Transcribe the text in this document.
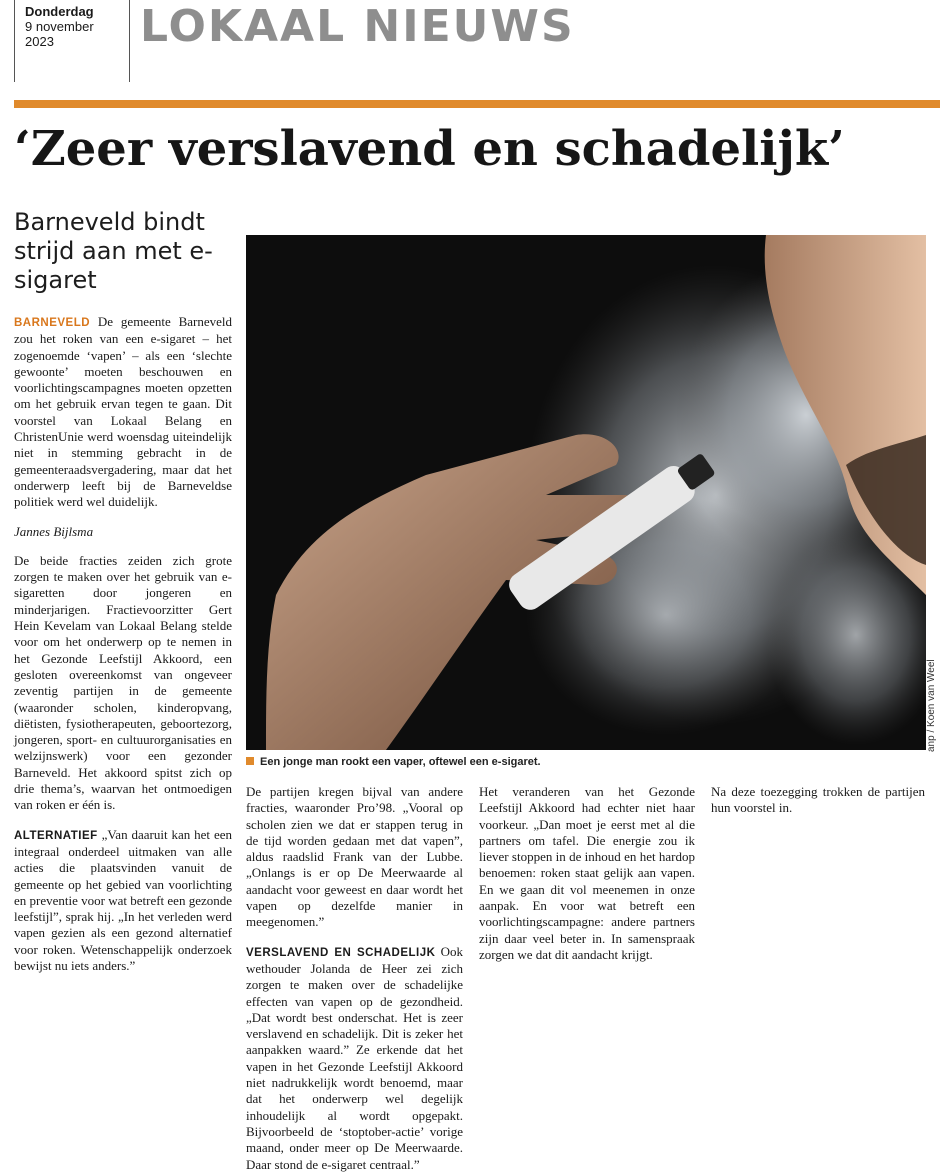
Donderdag
9 november
2023	LOKAAL NIEUWS
‘Zeer verslavend en schadelijk’
Barneveld bindt strijd aan met e-sigaret

BARNEVELD De gemeente Barneveld zou het roken van een e-sigaret – het zogenoemde ‘vapen’ – als een ‘slechte gewoonte’ moeten beschouwen en voorlichtingscampagnes moeten opzetten om het gebruik ervan tegen te gaan. Dit voorstel van Lokaal Belang en ChristenUnie werd woensdag uiteindelijk niet in stemming gebracht in de gemeenteraadsvergadering, maar dat het onderwerp leeft bij de Barneveldse politiek werd wel duidelijk.

Jannes Bijlsma

De beide fracties zeiden zich grote zorgen te maken over het gebruik van e-sigaretten door jongeren en minderjarigen. Fractievoorzitter Gert Hein Kevelam van Lokaal Belang stelde voor om het onderwerp op te nemen in het Gezonde Leefstijl Akkoord, een gesloten overeenkomst van ongeveer zeventig partijen in de gemeente (waaronder scholen, kinderopvang, diëtisten, fysiotherapeuten, geboortezorg, jongeren, sport- en cultuurorganisaties en welzijnswerk) voor een gezonder Barneveld. Het akkoord spitst zich op drie thema’s, waarvan het ontmoedigen van roken er één is.

ALTERNATIEF „Van daaruit kan het een integraal onderdeel uitmaken van alle acties die plaatsvinden vanuit de gemeente op het gebied van voorlichting en preventie voor wat betreft een gezonde leefstijl”, sprak hij. „In het verleden werd vapen gezien als een gezond alternatief voor roken. Wetenschappelijk onderzoek bewijst nu iets anders.”

anp / Koen van Weel
Een jonge man rookt een vaper, oftewel een e-sigaret.

De partijen kregen bijval van andere fracties, waaronder Pro’98. „Vooral op scholen zien we dat er stappen terug in de tijd worden gedaan met dat vapen”, aldus raadslid Frank van der Lubbe. „Onlangs is er op De Meerwaarde al aandacht voor geweest en daar wordt het vapen op dezelfde manier in meegenomen.”

VERSLAVEND EN SCHADELIJK Ook wethouder Jolanda de Heer zei zich zorgen te maken over de schadelijke effecten van vapen op de gezondheid. „Dat wordt best onderschat. Het is zeer verslavend en schadelijk. Dit is zeker het aanpakken waard.” Ze erkende dat het vapen in het Gezonde Leefstijl Akkoord niet nadrukkelijk wordt benoemd, maar dat het onderwerp wel degelijk inhoudelijk al wordt opgepakt. Bijvoorbeeld de ‘stoptober-actie’ vorige maand, onder meer op De Meerwaarde. Daar stond de e-sigaret centraal.”

Het veranderen van het Gezonde Leefstijl Akkoord had echter niet haar voorkeur. „Dan moet je eerst met al die partners om tafel. Die energie zou ik liever stoppen in de inhoud en het hardop benoemen: roken staat gelijk aan vapen. En we gaan dit vol meenemen in onze aanpak. En voor wat betreft een voorlichtingscampagne: andere partners zijn daar veel beter in. In samenspraak zorgen we dat dit aandacht krijgt.

Na deze toezegging trokken de partijen hun voorstel in.
